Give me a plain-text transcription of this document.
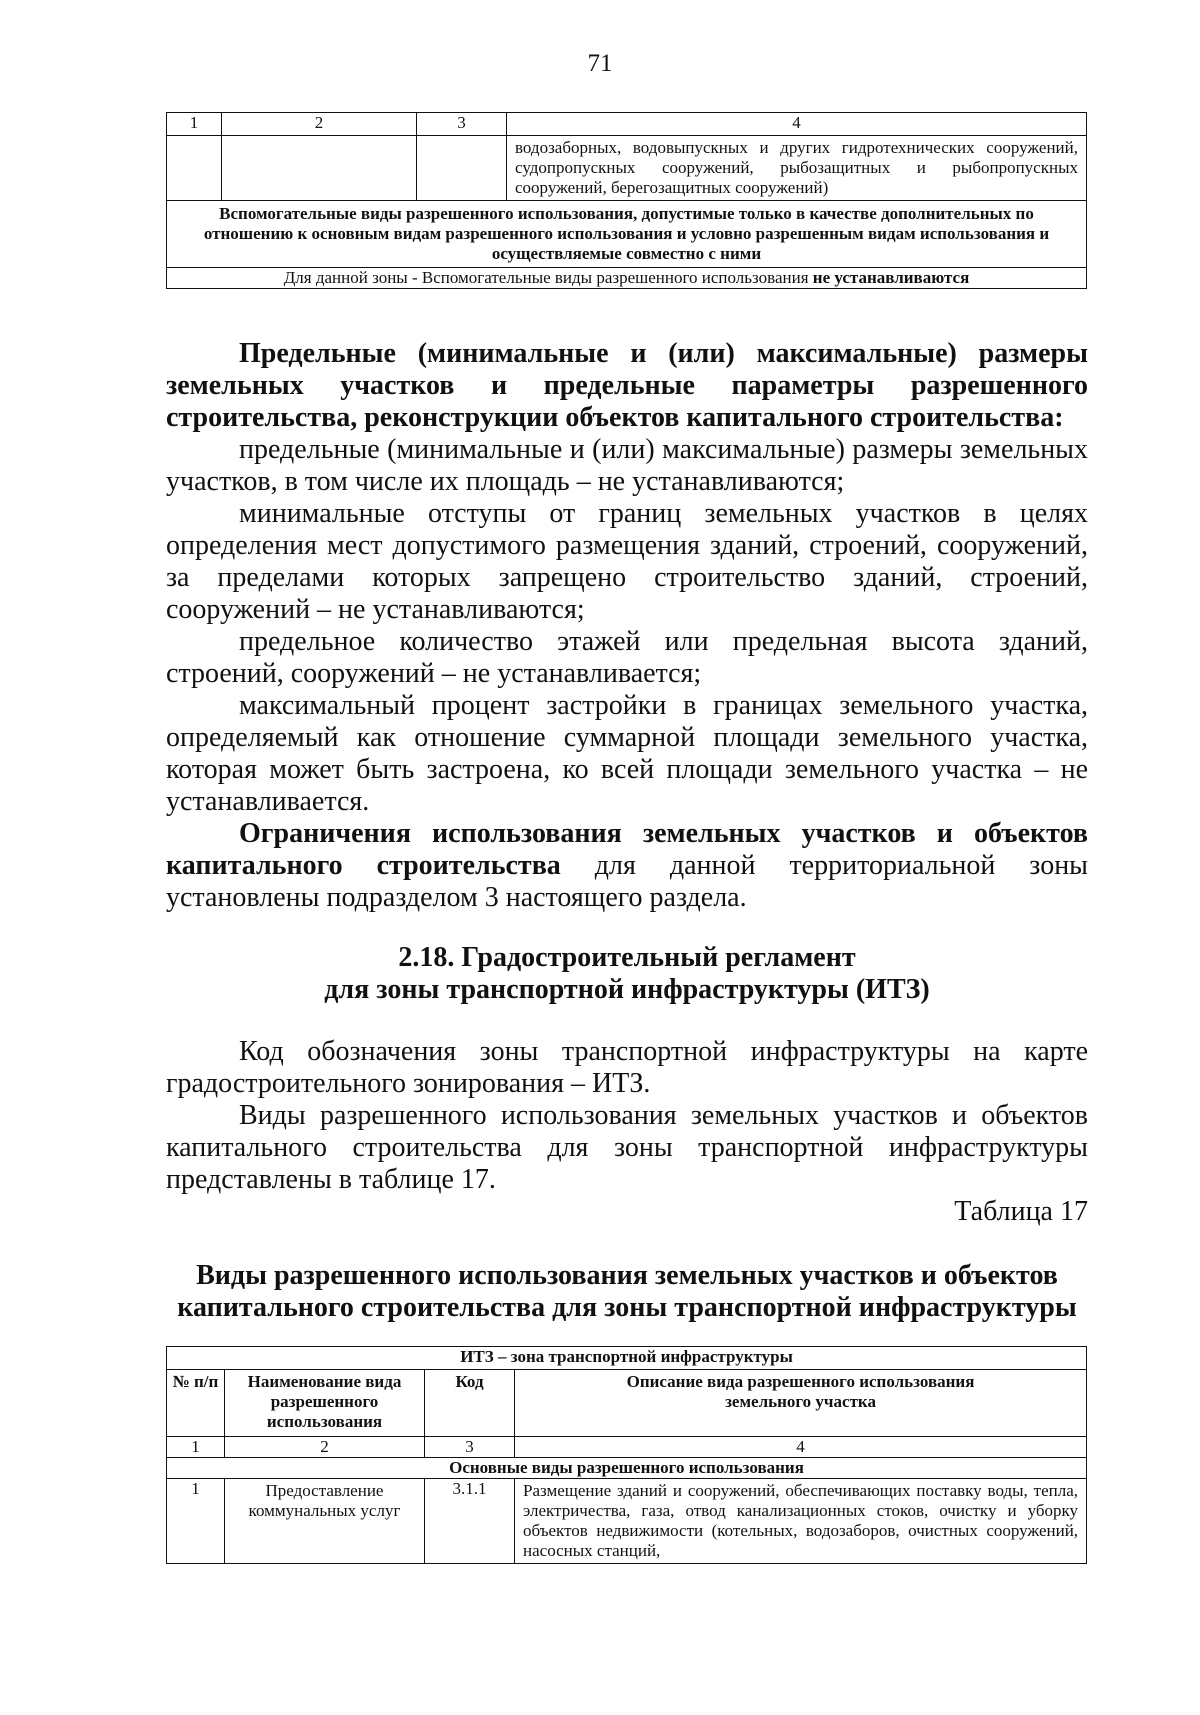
71
1	2	3	4
			водозаборных, водовыпускных и других гидротехнических сооружений, судопропускных сооружений, рыбозащитных и рыбопропускных сооружений, берегозащитных сооружений)
Вспомогательные виды разрешенного использования, допустимые только в качестве дополнительных по отношению к основным видам разрешенного использования и условно разрешенным видам использования и осуществляемые совместно с ними			
Для данной зоны - Вспомогательные виды разрешенного использования не устанавливаются			

Предельные (минимальные и (или) максимальные) размеры земельных участков и предельные параметры разрешенного строительства, реконструкции объектов капитального строительства:

предельные (минимальные и (или) максимальные) размеры земельных участков, в том числе их площадь – не устанавливаются;

минимальные отступы от границ земельных участков в целях определения мест допустимого размещения зданий, строений, сооружений, за пределами которых запрещено строительство зданий, строений, сооружений – не устанавливаются;

предельное количество этажей или предельная высота зданий, строений, сооружений – не устанавливается;

максимальный процент застройки в границах земельного участка, определяемый как отношение суммарной площади земельного участка, которая может быть застроена, ко всей площади земельного участка – не устанавливается.

Ограничения использования земельных участков и объектов капитального строительства для данной территориальной зоны установлены подразделом 3 настоящего раздела.

2.18. Градостроительный регламент

для зоны транспортной инфраструктуры (ИТЗ)

Код обозначения зоны транспортной инфраструктуры на карте градостроительного зонирования – ИТЗ.

Виды разрешенного использования земельных участков и объектов капитального строительства для зоны транспортной инфраструктуры представлены в таблице 17.

Таблица 17

Виды разрешенного использования земельных участков и объектов

капитального строительства для зоны транспортной инфраструктуры

ИТЗ – зона транспортной инфраструктуры			
№ п/п	Наименование вида разрешенного использования	Код	Описание вида разрешенного использования земельного участка
1	2	3	4
Основные виды разрешенного использования			
1	Предоставление коммунальных услуг	3.1.1	Размещение зданий и сооружений, обеспечивающих поставку воды, тепла, электричества, газа, отвод канализационных стоков, очистку и уборку объектов недвижимости (котельных, водозаборов, очистных сооружений, насосных станций,
